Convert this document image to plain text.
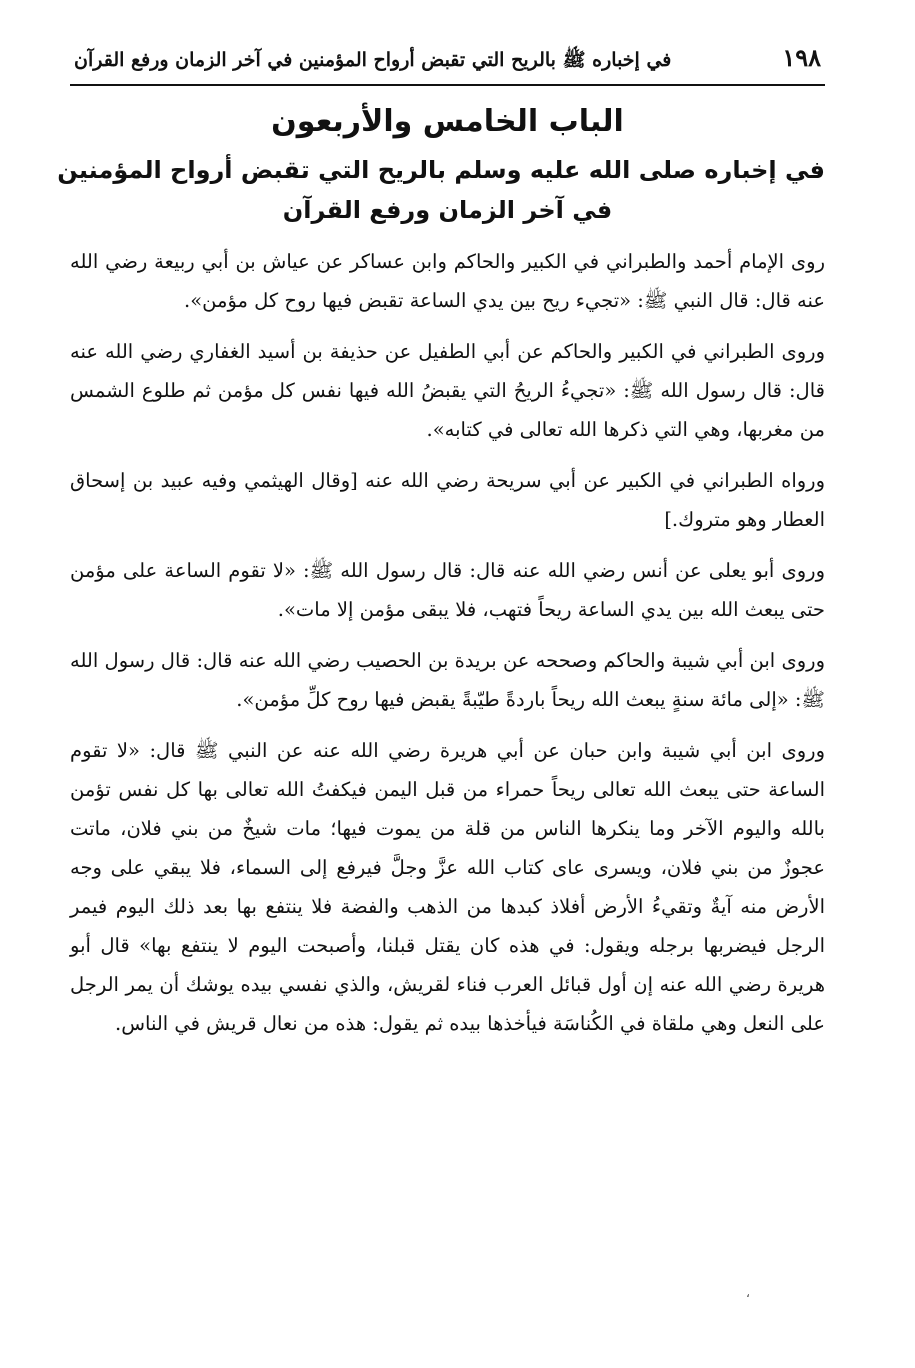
١٩٨
في إخباره ﷺ بالريح التي تقبض أرواح المؤمنين في آخر الزمان ورفع القرآن
الباب الخامس والأربعون
في إخباره صلى الله عليه وسلم بالريح التي تقبض أرواح المؤمنين
في آخر الزمان ورفع القرآن

روى الإمام أحمد والطبراني في الكبير والحاكم وابن عساكر عن عياش بن أبي ربيعة رضي الله عنه قال: قال النبي ﷺ: «تجيء ريح بين يدي الساعة تقبض فيها روح كل مؤمن».

وروى الطبراني في الكبير والحاكم عن أبي الطفيل عن حذيفة بن أسيد الغفاري رضي الله عنه قال: قال رسول الله ﷺ: «تجيءُ الريحُ التي يقبضُ الله فيها نفس كل مؤمن ثم طلوع الشمس من مغربها، وهي التي ذكرها الله تعالى في كتابه».

ورواه الطبراني في الكبير عن أبي سريحة رضي الله عنه [وقال الهيثمي وفيه عبيد بن إسحاق العطار وهو متروك.]

وروى أبو يعلى عن أنس رضي الله عنه قال: قال رسول الله ﷺ: «لا تقوم الساعة على مؤمن حتى يبعث الله بين يدي الساعة ريحاً فتهب، فلا يبقى مؤمن إلا مات».

وروى ابن أبي شيبة والحاكم وصححه عن بريدة بن الحصيب رضي الله عنه قال: قال رسول الله ﷺ: «إلى مائة سنةٍ يبعث الله ريحاً باردةً طيّبةً يقبض فيها روح كلِّ مؤمن».

وروى ابن أبي شيبة وابن حبان عن أبي هريرة رضي الله عنه عن النبي ﷺ قال: «لا تقوم الساعة حتى يبعث الله تعالى ريحاً حمراء من قبل اليمن فيكفتُ الله تعالى بها كل نفس تؤمن بالله واليوم الآخر وما ينكرها الناس من قلة من يموت فيها؛ مات شيخٌ من بني فلان، ماتت عجوزٌ من بني فلان، ويسرى عاى كتاب الله عزَّ وجلَّ فيرفع إلى السماء، فلا يبقي على وجه الأرض منه آيةٌ وتقيءُ الأرض أفلاذ كبدها من الذهب والفضة فلا ينتفع بها بعد ذلك اليوم فيمر الرجل فيضربها برجله ويقول: في هذه كان يقتل قبلنا، وأصبحت اليوم لا ينتفع بها» قال أبو هريرة رضي الله عنه إن أول قبائل العرب فناء لقريش، والذي نفسي بيده يوشك أن يمر الرجل على النعل وهي ملقاة في الكُناسَة فيأخذها بيده ثم يقول: هذه من نعال قريش في الناس.

،
